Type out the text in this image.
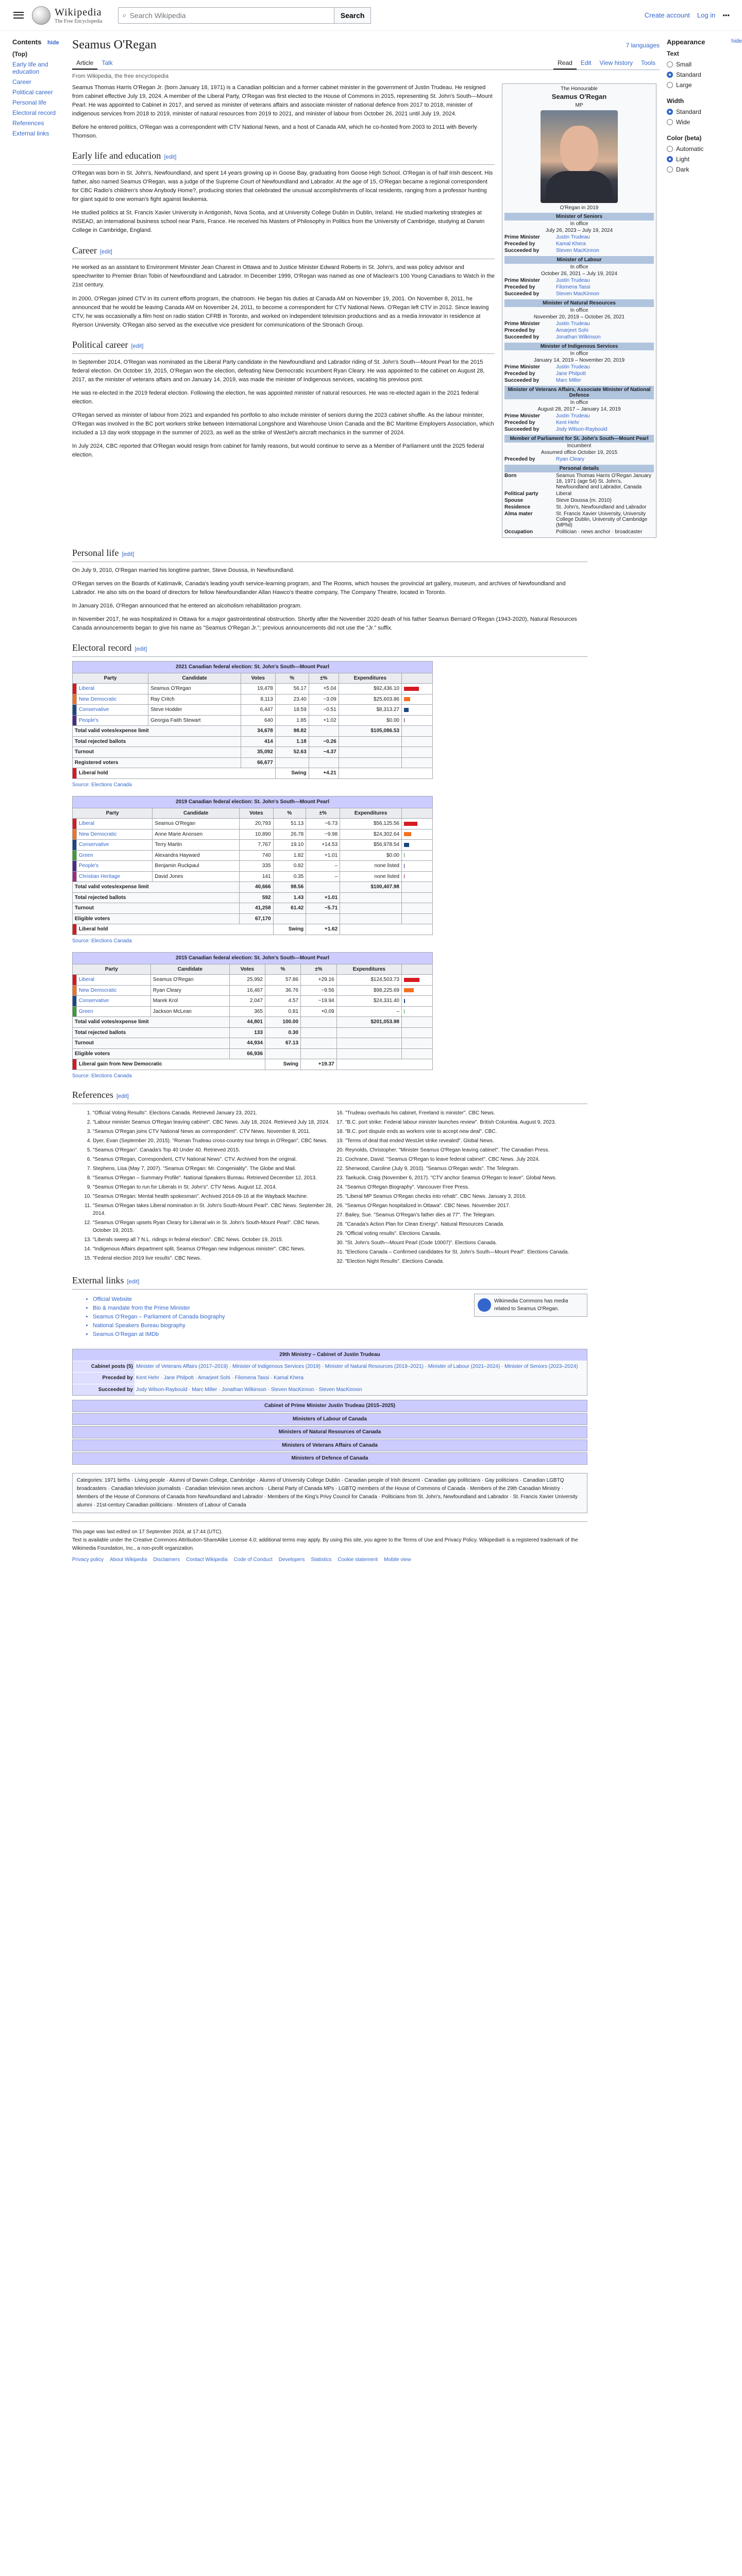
Wikipedia
The Free Encyclopedia
⌕ Search Wikipedia	Search	Create account Log in •••
Contents hide
(Top)
Early life and education
Career
Political career
Personal life
Electoral record
References
External links
Seamus O'Regan	7 languages
Article	Talk	Read	Edit	View history	Tools
From Wikipedia, the free encyclopedia

Seamus Thomas Harris O'Regan Jr. (born January 18, 1971) is a Canadian politician and a former cabinet minister in the government of Justin Trudeau. He resigned from cabinet effective July 19, 2024. A member of the Liberal Party, O'Regan was first elected to the House of Commons in 2015, representing St. John's South—Mount Pearl. He was appointed to Cabinet in 2017, and served as minister of veterans affairs and associate minister of national defence from 2017 to 2018, minister of indigenous services from 2018 to 2019, minister of natural resources from 2019 to 2021, and minister of labour from October 26, 2021 until July 19, 2024.

Before he entered politics, O'Regan was a correspondent with CTV National News, and a host of Canada AM, which he co-hosted from 2003 to 2011 with Beverly Thomson.

Early life and education [edit]

O'Regan was born in St. John's, Newfoundland, and spent 14 years growing up in Goose Bay, graduating from Goose High School. O'Regan is of half Irish descent. His father, also named Seamus O'Regan, was a judge of the Supreme Court of Newfoundland and Labrador. At the age of 15, O'Regan became a regional correspondent for CBC Radio's children's show Anybody Home?, producing stories that celebrated the unusual accomplishments of local residents, ranging from a professor hunting for giant squid to one woman's fight against lieukemia.

He studied politics at St. Francis Xavier University in Antigonish, Nova Scotia, and at University College Dublin in Dublin, Ireland. He studied marketing strategies at INSEAD, an international business school near Paris, France. He received his Masters of Philosophy in Politics from the University of Cambridge, studying at Darwin College in Cambridge, England.

Career [edit]

He worked as an assistant to Environment Minister Jean Charest in Ottawa and to Justice Minister Edward Roberts in St. John's, and was policy advisor and speechwriter to Premier Brian Tobin of Newfoundland and Labrador. In December 1999, O'Regan was named as one of Maclean's 100 Young Canadians to Watch in the 21st century.

In 2000, O'Regan joined CTV in its current efforts program, the chatroom. He began his duties at Canada AM on November 19, 2001. On November 8, 2011, he announced that he would be leaving Canada AM on November 24, 2011, to become a correspondent for CTV National News. O'Regan left CTV in 2012. Since leaving CTV, he was occasionally a film host on radio station CFRB in Toronto, and worked on independent television productions and as a media innovator in residence at Ryerson University. O'Regan also served as the executive vice president for communications of the Stronach Group.

Political career [edit]

In September 2014, O'Regan was nominated as the Liberal Party candidate in the Newfoundland and Labrador riding of St. John's South—Mount Pearl for the 2015 federal election. On October 19, 2015, O'Regan won the election, defeating New Democratic incumbent Ryan Cleary. He was appointed to the cabinet on August 28, 2017, as the minister of veterans affairs and on January 14, 2019, was made the minister of Indigenous services, vacating his previous post.

He was re-elected in the 2019 federal election. Following the election, he was appointed minister of natural resources. He was re-elected again in the 2021 federal election.

O'Regan served as minister of labour from 2021 and expanded his portfolio to also include minister of seniors during the 2023 cabinet shuffle. As the labour minister, O'Regan was involved in the BC port workers strike between International Longshore and Warehouse Union Canada and the BC Maritime Employers Association, which included a 13 day work stoppage in the summer of 2023, as well as the strike of WestJet's aircraft mechanics in the summer of 2024.

In July 2024, CBC reported that O'Regan would resign from cabinet for family reasons, but would continue to serve as a Member of Parliament until the 2025 federal election.

The Honourable
Seamus O'Regan
MP
O'Regan in 2019
Minister of Seniors
In office
July 26, 2023 – July 19, 2024
Prime Minister	Justin Trudeau
Preceded by	Kamal Khera
Succeeded by	Steven MacKinnon
Minister of Labour
In office
October 26, 2021 – July 19, 2024
Prime Minister	Justin Trudeau
Preceded by	Filomena Tassi
Succeeded by	Steven MacKinnon
Minister of Natural Resources
In office
November 20, 2019 – October 26, 2021
Prime Minister	Justin Trudeau
Preceded by	Amarjeet Sohi
Succeeded by	Jonathan Wilkinson
Minister of Indigenous Services
In office
January 14, 2019 – November 20, 2019
Prime Minister	Justin Trudeau
Preceded by	Jane Philpott
Succeeded by	Marc Miller
Minister of Veterans Affairs, Associate Minister of National Defence
In office
August 28, 2017 – January 14, 2019
Prime Minister	Justin Trudeau
Preceded by	Kent Hehr
Succeeded by	Jody Wilson-Raybould
Member of Parliament for St. John's South—Mount Pearl
Incumbent
Assumed office October 19, 2015
Preceded by	Ryan Cleary
Personal details
Born	Seamus Thomas Harris O'Regan January 18, 1971 (age 54) St. John's, Newfoundland and Labrador, Canada
Political party	Liberal
Spouse	Steve Doussa (m. 2010)
Residence	St. John's, Newfoundland and Labrador
Alma mater	St. Francis Xavier University, University College Dublin, University of Cambridge (MPhil)
Occupation	Politician · news anchor · broadcaster
Personal life [edit]

On July 9, 2010, O'Regan married his longtime partner, Steve Doussa, in Newfoundland.

O'Regan serves on the Boards of Katimavik, Canada's leading youth service-learning program, and The Rooms, which houses the provincial art gallery, museum, and archives of Newfoundland and Labrador. He also sits on the board of directors for fellow Newfoundlander Allan Hawco's theatre company, The Company Theatre, located in Toronto.

In January 2016, O'Regan announced that he entered an alcoholism rehabilitation program.

In November 2017, he was hospitalized in Ottawa for a major gastrointestinal obstruction. Shortly after the November 2020 death of his father Seamus Bernard O'Regan (1943-2020), Natural Resources Canada announcements began to give his name as "Seamus O'Regan Jr."; previous announcements did not use the "Jr." suffix.

Electoral record [edit]
2021 Canadian federal election: St. John's South—Mount Pearl
Party		Candidate	Votes	%	±%	Expenditures	
	Liberal	Seamus O'Regan	19,478	56.17	+5.04	$92,436.10	

	New Democratic	Ray Critch	8,113	23.40	−3.09	$25,603.86	

	Conservative	Steve Hodder	6,447	18.59	−0.51	$8,313.27	

	People's	Georgia Faith Stewart	640	1.85	+1.02	$0.00	

Total valid votes/expense limit			34,678	98.82		$105,086.53	
Total rejected ballots			414	1.18	−0.26		
Turnout			35,092	52.63	−4.37		
Registered voters			66,677				
	Liberal hold			Swing	+4.21		
Source: Elections Canada
2019 Canadian federal election: St. John's South—Mount Pearl
Party		Candidate	Votes	%	±%	Expenditures	
	Liberal	Seamus O'Regan	20,793	51.13	−6.73	$56,125.56	

	New Democratic	Anne Marie Anonsen	10,890	26.78	−9.98	$24,302.64	

	Conservative	Terry Martin	7,767	19.10	+14.53	$56,978.54	

	Green	Alexandra Hayward	740	1.82	+1.01	$0.00	

	People's	Benjamin Ruckpaul	335	0.82	–	none listed	

	Christian Heritage	David Jones	141	0.35	–	none listed	

Total valid votes/expense limit			40,666	98.56		$100,407.98	
Total rejected ballots			592	1.43	+1.01		
Turnout			41,258	61.42	−5.71		
Eligible voters			67,170				
	Liberal hold			Swing	+1.62		
Source: Elections Canada
2015 Canadian federal election: St. John's South—Mount Pearl
Party		Candidate	Votes	%	±%	Expenditures	
	Liberal	Seamus O'Regan	25,992	57.86	+29.16	$124,503.73	

	New Democratic	Ryan Cleary	16,467	36.76	−9.56	$98,225.69	

	Conservative	Marek Krol	2,047	4.57	−19.94	$24,331.40	

	Green	Jackson McLean	365	0.81	+0.09	–	

Total valid votes/expense limit			44,801	100.00		$201,053.98	
Total rejected ballots			133	0.30			
Turnout			44,934	67.13			
Eligible voters			66,936				
	Liberal gain from New Democratic			Swing	+19.37		
Source: Elections Canada
References [edit]
1. "Official Voting Results". Elections Canada. Retrieved January 23, 2021.
2. "Labour minister Seamus O'Regan leaving cabinet". CBC News. July 18, 2024. Retrieved July 18, 2024.
3. "Seamus O'Regan joins CTV National News as correspondent". CTV News. November 8, 2011.
4. Dyer, Evan (September 20, 2015). "Roman Trudeau cross-country tour brings in O'Regan". CBC News.
5. "Seamus O'Regan". Canada's Top 40 Under 40. Retrieved 2015.
6. "Seamus O'Regan, Correspondent, CTV National News". CTV. Archived from the original.
7. Stephens, Lisa (May 7, 2007). "Seamus O'Regan: Mr. Congeniality". The Globe and Mail.
8. "Seamus O'Regan – Summary Profile". National Speakers Bureau. Retrieved December 12, 2013.
9. "Seamus O'Regan to run for Liberals in St. John's". CTV News. August 12, 2014.
10. "Seamus O'Regan: Mental health spokesman". Archived 2014-09-16 at the Wayback Machine.
11. "Seamus O'Regan takes Liberal nomination in St. John's South-Mount Pearl". CBC News. September 28, 2014.
12. "Seamus O'Regan upsets Ryan Cleary for Liberal win in St. John's South-Mount Pearl". CBC News. October 19, 2015.
13. "Liberals sweep all 7 N.L. ridings in federal election". CBC News. October 19, 2015.
14. "Indigenous Affairs department split, Seamus O'Regan new Indigenous minister". CBC News.
15. "Federal election 2019 live results". CBC News.
16. "Trudeau overhauls his cabinet, Freeland is minister". CBC News.
17. "B.C. port strike: Federal labour minister launches review". British Columbia. August 9, 2023.
18. "B.C. port dispute ends as workers vote to accept new deal". CBC.
19. "Terms of deal that ended WestJet strike revealed". Global News.
20. Reynolds, Christopher. "Minister Seamus O'Regan leaving cabinet". The Canadian Press.
21. Cochrane, David. "Seamus O'Regan to leave federal cabinet". CBC News. July 2024.
22. Sherwood, Caroline (July 9, 2010). "Seamus O'Regan weds". The Telegram.
23. Taekucik, Craig (November 6, 2017). "CTV anchor Seamus O'Regan to leave". Global News.
24. "Seamus O'Regan Biography". Vancouver Free Press.
25. "Liberal MP Seamus O'Regan checks into rehab". CBC News. January 3, 2016.
26. "Seamus O'Regan hospitalized in Ottawa". CBC News. November 2017.
27. Bailey, Sue. "Seamus O'Regan's father dies at 77". The Telegram.
28. "Canada's Action Plan for Clean Energy". Natural Resources Canada.
29. "Official voting results". Elections Canada.
30. "St. John's South—Mount Pearl (Code 10007)". Elections Canada.
31. "Elections Canada – Confirmed candidates for St. John's South—Mount Pearl". Elections Canada.
32. "Election Night Results". Elections Canada.
External links [edit]
Wikimedia Commons has media related to Seamus O'Regan.
• Official Website
• Bio & mandate from the Prime Minister
• Seamus O'Regan – Parliament of Canada biography
• National Speakers Bureau biography
• Seamus O'Regan at IMDb
29th Ministry – Cabinet of Justin Trudeau
Cabinet posts (5) Minister of Veterans Affairs (2017–2019) · Minister of Indigenous Services (2019) · Minister of Natural Resources (2019–2021) · Minister of Labour (2021–2024) · Minister of Seniors (2023–2024)
Preceded by Kent Hehr · Jane Philpott · Amarjeet Sohi · Filomena Tassi · Kamal Khera
Succeeded by Jody Wilson-Raybould · Marc Miller · Jonathan Wilkinson · Steven MacKinnon · Steven MacKinnon
Cabinet of Prime Minister Justin Trudeau (2015–2025)
Ministers of Labour of Canada
Ministers of Natural Resources of Canada
Ministers of Veterans Affairs of Canada
Ministers of Defence of Canada
Categories: 1971 births · Living people · Alumni of Darwin College, Cambridge · Alumni of University College Dublin · Canadian people of Irish descent · Canadian gay politicians · Gay politicians · Canadian LGBTQ broadcasters · Canadian television journalists · Canadian television news anchors · Liberal Party of Canada MPs · LGBTQ members of the House of Commons of Canada · Members of the 29th Canadian Ministry · Members of the House of Commons of Canada from Newfoundland and Labrador · Members of the King's Privy Council for Canada · Politicians from St. John's, Newfoundland and Labrador · St. Francis Xavier University alumni · 21st-century Canadian politicians · Ministers of Labour of Canada
This page was last edited on 17 September 2024, at 17:44 (UTC).
Text is available under the Creative Commons Attribution-ShareAlike License 4.0; additional terms may apply. By using this site, you agree to the Terms of Use and Privacy Policy. Wikipedia® is a registered trademark of the Wikimedia Foundation, Inc., a non-profit organization.
Privacy policy About Wikipedia Disclaimers Contact Wikipedia Code of Conduct Developers Statistics Cookie statement Mobile view
Appearance	hide
Text
Small
Standard
Large
Width
Standard
Wide
Color (beta)
Automatic
Light
Dark
